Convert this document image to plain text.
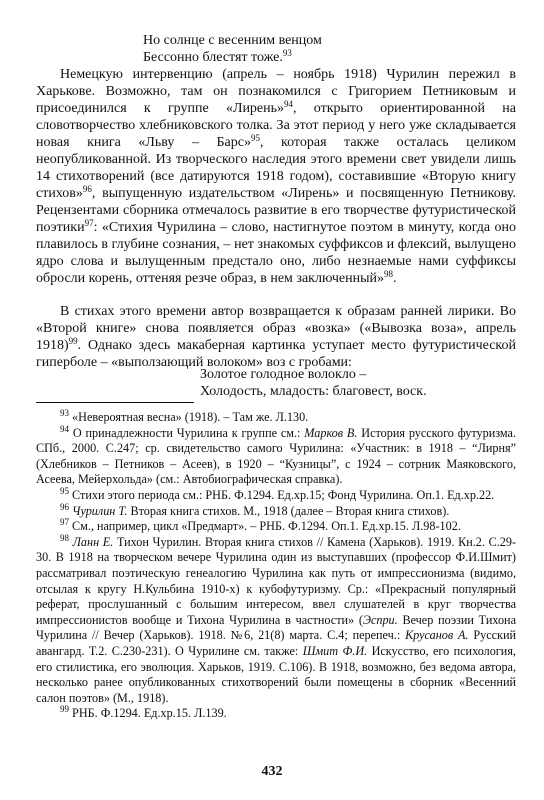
Но солнце с весенним венцом
Бессонно блестят тоже.$^{93}$

Немецкую интервенцию (апрель – ноябрь 1918) Чурилин пережил в Харькове. Возможно, там он познакомился с Григорием Петниковым и присоединился к группе «Лирень»$^{94}$, открыто ориентированной на словотворчество хлебниковского толка. За этот период у него уже складывается новая книга «Льву – Барс»$^{95}$, которая также осталась целиком неопубликованной. Из творческого наследия этого времени свет увидели лишь 14 стихотворений (все датируются 1918 годом), составившие «Вторую книгу стихов»$^{96}$, выпущенную издательством «Лирень» и посвященную Петникову. Рецензентами сборника отмечалось развитие в его творчестве футуристической поэтики$^{97}$: «Стихия Чурилина – слово, настигнутое поэтом в минуту, когда оно плавилось в глубине сознания, – нет знакомых суффиксов и флексий, вылущено ядро слова и вылущенным предстало оно, либо незнаемые нами суффиксы обросли корень, оттеняя резче образ, в нем заключенный»$^{98}$.

В стихах этого времени автор возвращается к образам ранней лирики. Во «Второй книге» снова появляется образ «возка» («Вывозка воза», апрель 1918)$^{99}$. Однако здесь макаберная картинка уступает место футуристической гиперболе – «выползающий волоком» воз с гробами:

Золотое голодное волокло –
Холодость, младость: благовест, воск.

$^{93}$ «Невероятная весна» (1918). – Там же. Л.130.

$^{94}$ О принадлежности Чурилина к группе см.: Марков В. История русского футуризма. СПб., 2000. С.247; ср. свидетельство самого Чурилина: «Участник: в 1918 – “Лирня” (Хлебников – Петников – Асеев), в 1920 – “Кузницы”, с 1924 – сотрник Маяковского, Асеева, Мейерхольда» (см.: Автобиографическая справка).

$^{95}$ Стихи этого периода см.: РНБ. Ф.1294. Ед.хр.15; Фонд Чурилина. Оп.1. Ед.хр.22.

$^{96}$ Чурилин Т. Вторая книга стихов. М., 1918 (далее – Вторая книга стихов).

$^{97}$ См., например, цикл «Предмарт». – РНБ. Ф.1294. Оп.1. Ед.хр.15. Л.98-102.

$^{98}$ Ланн Е. Тихон Чурилин. Вторая книга стихов // Камена (Харьков). 1919. Кн.2. С.29-30. В 1918 на творческом вечере Чурилина один из выступавших (профессор Ф.И.Шмит) рассматривал поэтическую генеалогию Чурилина как путь от импрессионизма (видимо, отсылая к кругу Н.Кульбина 1910-х) к кубофутуризму. Ср.: «Прекрасный популярный реферат, прослушанный с большим интересом, ввел слушателей в круг творчества импрессионистов вообще и Тихона Чурилина в частности» (Эспри. Вечер поэзии Тихона Чурилина // Вечер (Харьков). 1918. №6, 21(8) марта. С.4; перепеч.: Крусанов А. Русский авангард. Т.2. С.230-231). О Чурилине см. также: Шмит Ф.И. Искусство, его психология, его стилистика, его эволюция. Харьков, 1919. С.106). В 1918, возможно, без ведома автора, несколько ранее опубликованных стихотворений были помещены в сборник «Весенний салон поэтов» (М., 1918).

$^{99}$ РНБ. Ф.1294. Ед.хр.15. Л.139.

432
